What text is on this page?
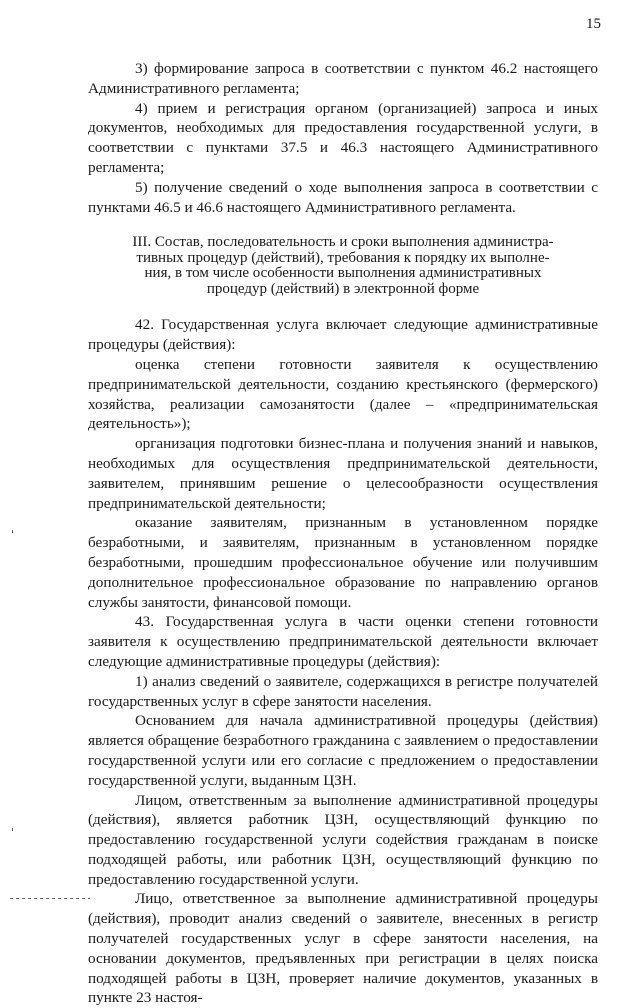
15

3) формирование запроса в соответствии с пунктом 46.2 настоящего Административного регламента;

4) прием и регистрация органом (организацией) запроса и иных документов, необходимых для предоставления государственной услуги, в соответствии с пунктами 37.5 и 46.3 настоящего Административного регламента;

5) получение сведений о ходе выполнения запроса в соответствии с пунктами 46.5 и 46.6 настоящего Административного регламента.

III. Состав, последовательность и сроки выполнения администра-
тивных процедур (действий), требования к порядку их выполне-
ния, в том числе особенности выполнения административных
процедур (действий) в электронной форме

42. Государственная услуга включает следующие административные процедуры (действия):

оценка степени готовности заявителя к осуществлению предпринимательской деятельности, созданию крестьянского (фермерского) хозяйства, реализации самозанятости (далее – «предпринимательская деятельность»);

организация подготовки бизнес-плана и получения знаний и навыков, необходимых для осуществления предпринимательской деятельности, заявителем, принявшим решение о целесообразности осуществления предпринимательской деятельности;

оказание заявителям, признанным в установленном порядке безработными, и заявителям, признанным в установленном порядке безработными, прошедшим профессиональное обучение или получившим дополнительное профессиональное образование по направлению органов службы занятости, финансовой помощи.

43. Государственная услуга в части оценки степени готовности заявителя к осуществлению предпринимательской деятельности включает следующие административные процедуры (действия):

1) анализ сведений о заявителе, содержащихся в регистре получателей государственных услуг в сфере занятости населения.

Основанием для начала административной процедуры (действия) является обращение безработного гражданина с заявлением о предоставлении государственной услуги или его согласие с предложением о предоставлении государственной услуги, выданным ЦЗН.

Лицом, ответственным за выполнение административной процедуры (действия), является работник ЦЗН, осуществляющий функцию по предоставлению государственной услуги содействия гражданам в поиске подходящей работы, или работник ЦЗН, осуществляющий функцию по предоставлению государственной услуги.

Лицо, ответственное за выполнение административной процедуры (действия), проводит анализ сведений о заявителе, внесенных в регистр получателей государственных услуг в сфере занятости населения, на основании документов, предъявленных при регистрации в целях поиска подходящей работы в ЦЗН, проверяет наличие документов, указанных в пункте 23 настоя-
